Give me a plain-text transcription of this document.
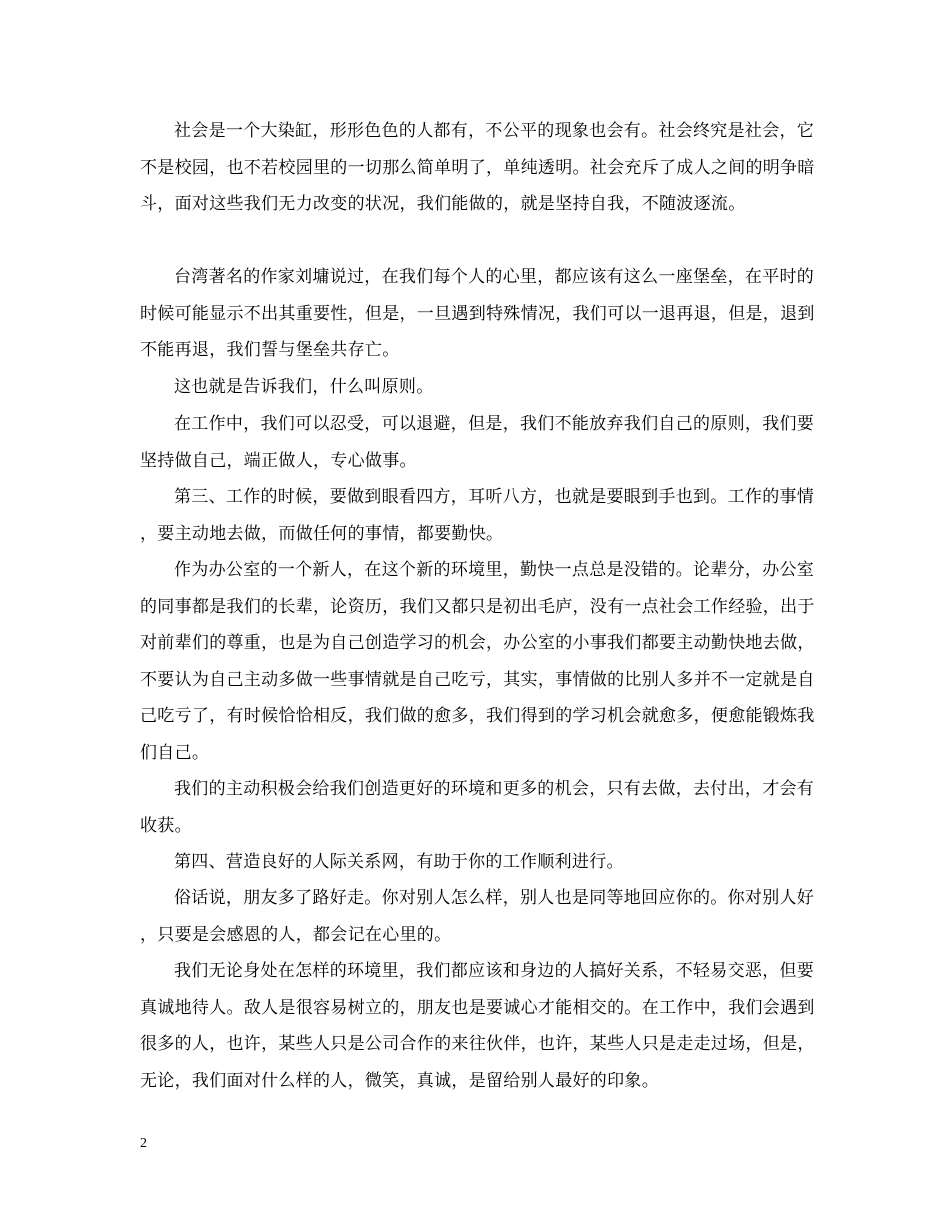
社会是一个大染缸，形形色色的人都有，不公平的现象也会有。社会终究是社会，它不是校园，也不若校园里的一切那么简单明了，单纯透明。社会充斥了成人之间的明争暗斗，面对这些我们无力改变的状况，我们能做的，就是坚持自我，不随波逐流。

台湾著名的作家刘墉说过，在我们每个人的心里，都应该有这么一座堡垒，在平时的时候可能显示不出其重要性，但是，一旦遇到特殊情况，我们可以一退再退，但是，退到不能再退，我们誓与堡垒共存亡。

这也就是告诉我们，什么叫原则。

在工作中，我们可以忍受，可以退避，但是，我们不能放弃我们自己的原则，我们要坚持做自己，端正做人，专心做事。

第三、工作的时候，要做到眼看四方，耳听八方，也就是要眼到手也到。工作的事情，要主动地去做，而做任何的事情，都要勤快。

作为办公室的一个新人，在这个新的环境里，勤快一点总是没错的。论辈分，办公室的同事都是我们的长辈，论资历，我们又都只是初出毛庐，没有一点社会工作经验，出于对前辈们的尊重，也是为自己创造学习的机会，办公室的小事我们都要主动勤快地去做，不要认为自己主动多做一些事情就是自己吃亏，其实，事情做的比别人多并不一定就是自己吃亏了，有时候恰恰相反，我们做的愈多，我们得到的学习机会就愈多，便愈能锻炼我们自己。

我们的主动积极会给我们创造更好的环境和更多的机会，只有去做，去付出，才会有收获。

第四、营造良好的人际关系网，有助于你的工作顺利进行。

俗话说，朋友多了路好走。你对别人怎么样，别人也是同等地回应你的。你对别人好，只要是会感恩的人，都会记在心里的。

我们无论身处在怎样的环境里，我们都应该和身边的人搞好关系，不轻易交恶，但要真诚地待人。敌人是很容易树立的，朋友也是要诚心才能相交的。在工作中，我们会遇到很多的人，也许，某些人只是公司合作的来往伙伴，也许，某些人只是走走过场，但是，无论，我们面对什么样的人，微笑，真诚，是留给别人最好的印象。

2
